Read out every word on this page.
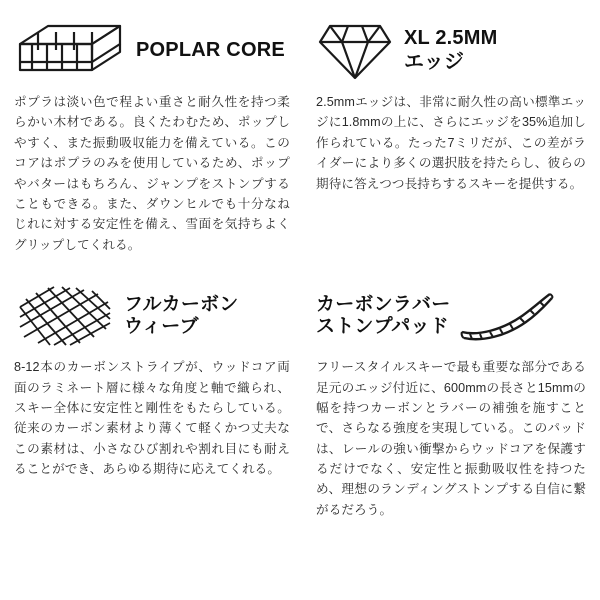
POPLAR CORE
ポプラは淡い色で程よい重さと耐久性を持つ柔らかい木材である。良くたわむため、ポップしやすく、また振動吸収能力を備えている。このコアはポプラのみを使用しているため、ポップやバターはもちろん、ジャンプをストンプすることもできる。また、ダウンヒルでも十分なねじれに対する安定性を備え、雪面を気持ちよくグリップしてくれる。
XL 2.5MM
エッジ
2.5mmエッジは、非常に耐久性の高い標準エッジに1.8mmの上に、さらにエッジを35%追加し作られている。たった7ミリだが、この差がライダーにより多くの選択肢を持たらし、彼らの期待に答えつつ長持ちするスキーを提供する。
フルカーボン
ウィーブ
8-12本のカーボンストライプが、ウッドコア両面のラミネート層に様々な角度と軸で織られ、スキー全体に安定性と剛性をもたらしている。従来のカーボン素材より薄くて軽くかつ丈夫なこの素材は、小さなひび割れや割れ目にも耐えることができ、あらゆる期待に応えてくれる。
カーボンラバー
ストンプパッド
フリースタイルスキーで最も重要な部分である足元のエッジ付近に、600mmの長さと15mmの幅を持つカーボンとラバーの補強を施すことで、さらなる強度を実現している。このパッドは、レールの強い衝撃からウッドコアを保護するだけでなく、安定性と振動吸収性を持つため、理想のランディングストンプする自信に繋がるだろう。
